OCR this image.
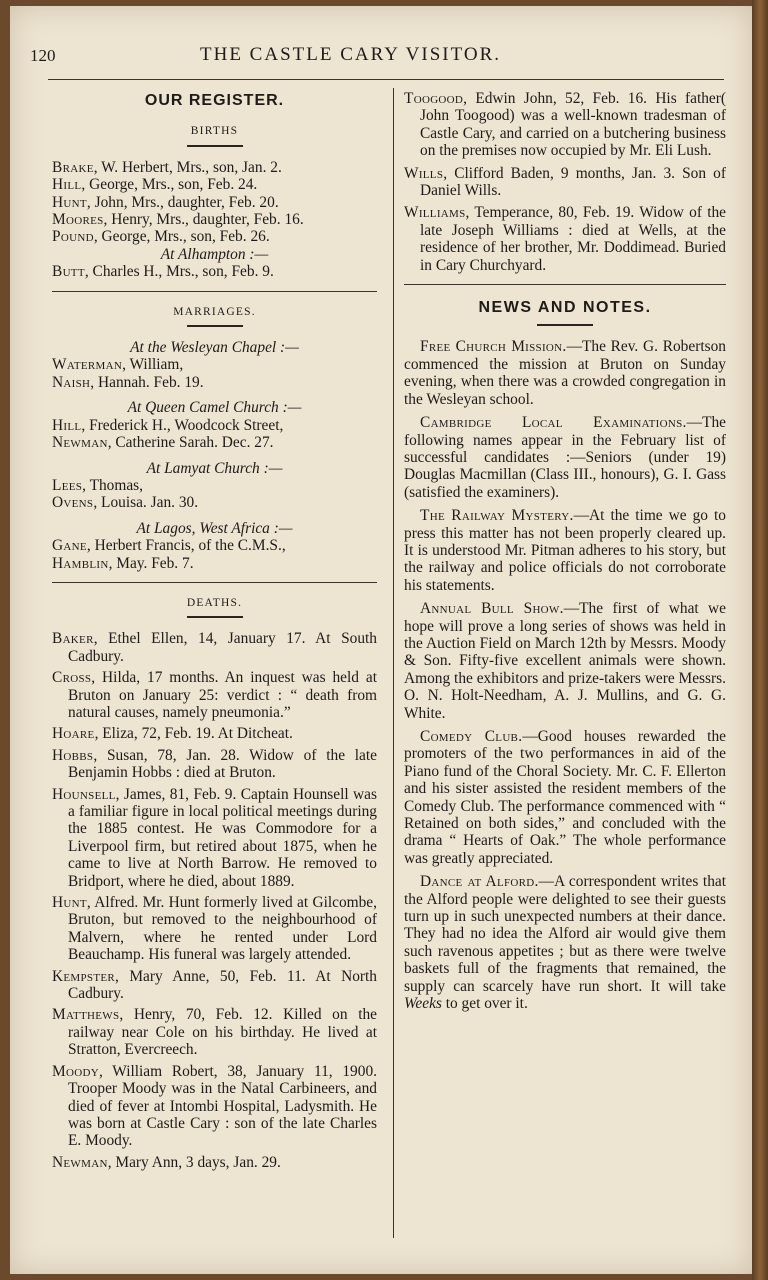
120	THE CASTLE CARY VISITOR.
OUR REGISTER.
BIRTHS
Brake, W. Herbert, Mrs., son, Jan. 2.
Hill, George, Mrs., son, Feb. 24.
Hunt, John, Mrs., daughter, Feb. 20.
Moores, Henry, Mrs., daughter, Feb. 16.
Pound, George, Mrs., son, Feb. 26.
At Alhampton :—
Butt, Charles H., Mrs., son, Feb. 9.
MARRIAGES.
At the Wesleyan Chapel :—
Waterman, William,
Naish, Hannah. Feb. 19.
At Queen Camel Church :—
Hill, Frederick H., Woodcock Street,
Newman, Catherine Sarah. Dec. 27.
At Lamyat Church :—
Lees, Thomas,
Ovens, Louisa. Jan. 30.
At Lagos, West Africa :—
Gane, Herbert Francis, of the C.M.S.,
Hamblin, May. Feb. 7.
DEATHS.
Baker, Ethel Ellen, 14, January 17. At South Cadbury.
Cross, Hilda, 17 months. An inquest was held at Bruton on January 25: verdict : “ death from natural causes, namely pneumonia.”
Hoare, Eliza, 72, Feb. 19. At Ditcheat.
Hobbs, Susan, 78, Jan. 28. Widow of the late Benjamin Hobbs : died at Bruton.
Hounsell, James, 81, Feb. 9. Captain Hounsell was a familiar figure in local political meetings during the 1885 contest. He was Commodore for a Liverpool firm, but retired about 1875, when he came to live at North Barrow. He removed to Bridport, where he died, about 1889.
Hunt, Alfred. Mr. Hunt formerly lived at Gilcombe, Bruton, but removed to the neighbourhood of Malvern, where he rented under Lord Beauchamp. His funeral was largely attended.
Kempster, Mary Anne, 50, Feb. 11. At North Cadbury.
Matthews, Henry, 70, Feb. 12. Killed on the railway near Cole on his birthday. He lived at Stratton, Evercreech.
Moody, William Robert, 38, January 11, 1900. Trooper Moody was in the Natal Carbineers, and died of fever at Intombi Hospital, Ladysmith. He was born at Castle Cary : son of the late Charles E. Moody.
Newman, Mary Ann, 3 days, Jan. 29.
Toogood, Edwin John, 52, Feb. 16. His father( John Toogood) was a well-known tradesman of Castle Cary, and carried on a butchering business on the premises now occupied by Mr. Eli Lush.
Wills, Clifford Baden, 9 months, Jan. 3. Son of Daniel Wills.
Williams, Temperance, 80, Feb. 19. Widow of the late Joseph Williams : died at Wells, at the residence of her brother, Mr. Doddimead. Buried in Cary Churchyard.
NEWS AND NOTES.
Free Church Mission.—The Rev. G. Robertson commenced the mission at Bruton on Sunday evening, when there was a crowded congregation in the Wesleyan school.
Cambridge Local Examinations.—The following names appear in the February list of successful candidates :—Seniors (under 19) Douglas Macmillan (Class III., honours), G. I. Gass (satisfied the examiners).
The Railway Mystery.—At the time we go to press this matter has not been properly cleared up. It is understood Mr. Pitman adheres to his story, but the railway and police officials do not corroborate his statements.
Annual Bull Show.—The first of what we hope will prove a long series of shows was held in the Auction Field on March 12th by Messrs. Moody & Son. Fifty-five excellent animals were shown. Among the exhibitors and prize-takers were Messrs. O. N. Holt-Needham, A. J. Mullins, and G. G. White.
Comedy Club.—Good houses rewarded the promoters of the two performances in aid of the Piano fund of the Choral Society. Mr. C. F. Ellerton and his sister assisted the resident members of the Comedy Club. The performance commenced with “ Retained on both sides,” and concluded with the drama “ Hearts of Oak.” The whole performance was greatly appreciated.
Dance at Alford.—A correspondent writes that the Alford people were delighted to see their guests turn up in such unexpected numbers at their dance. They had no idea the Alford air would give them such ravenous appetites ; but as there were twelve baskets full of the fragments that remained, the supply can scarcely have run short. It will take Weeks to get over it.
